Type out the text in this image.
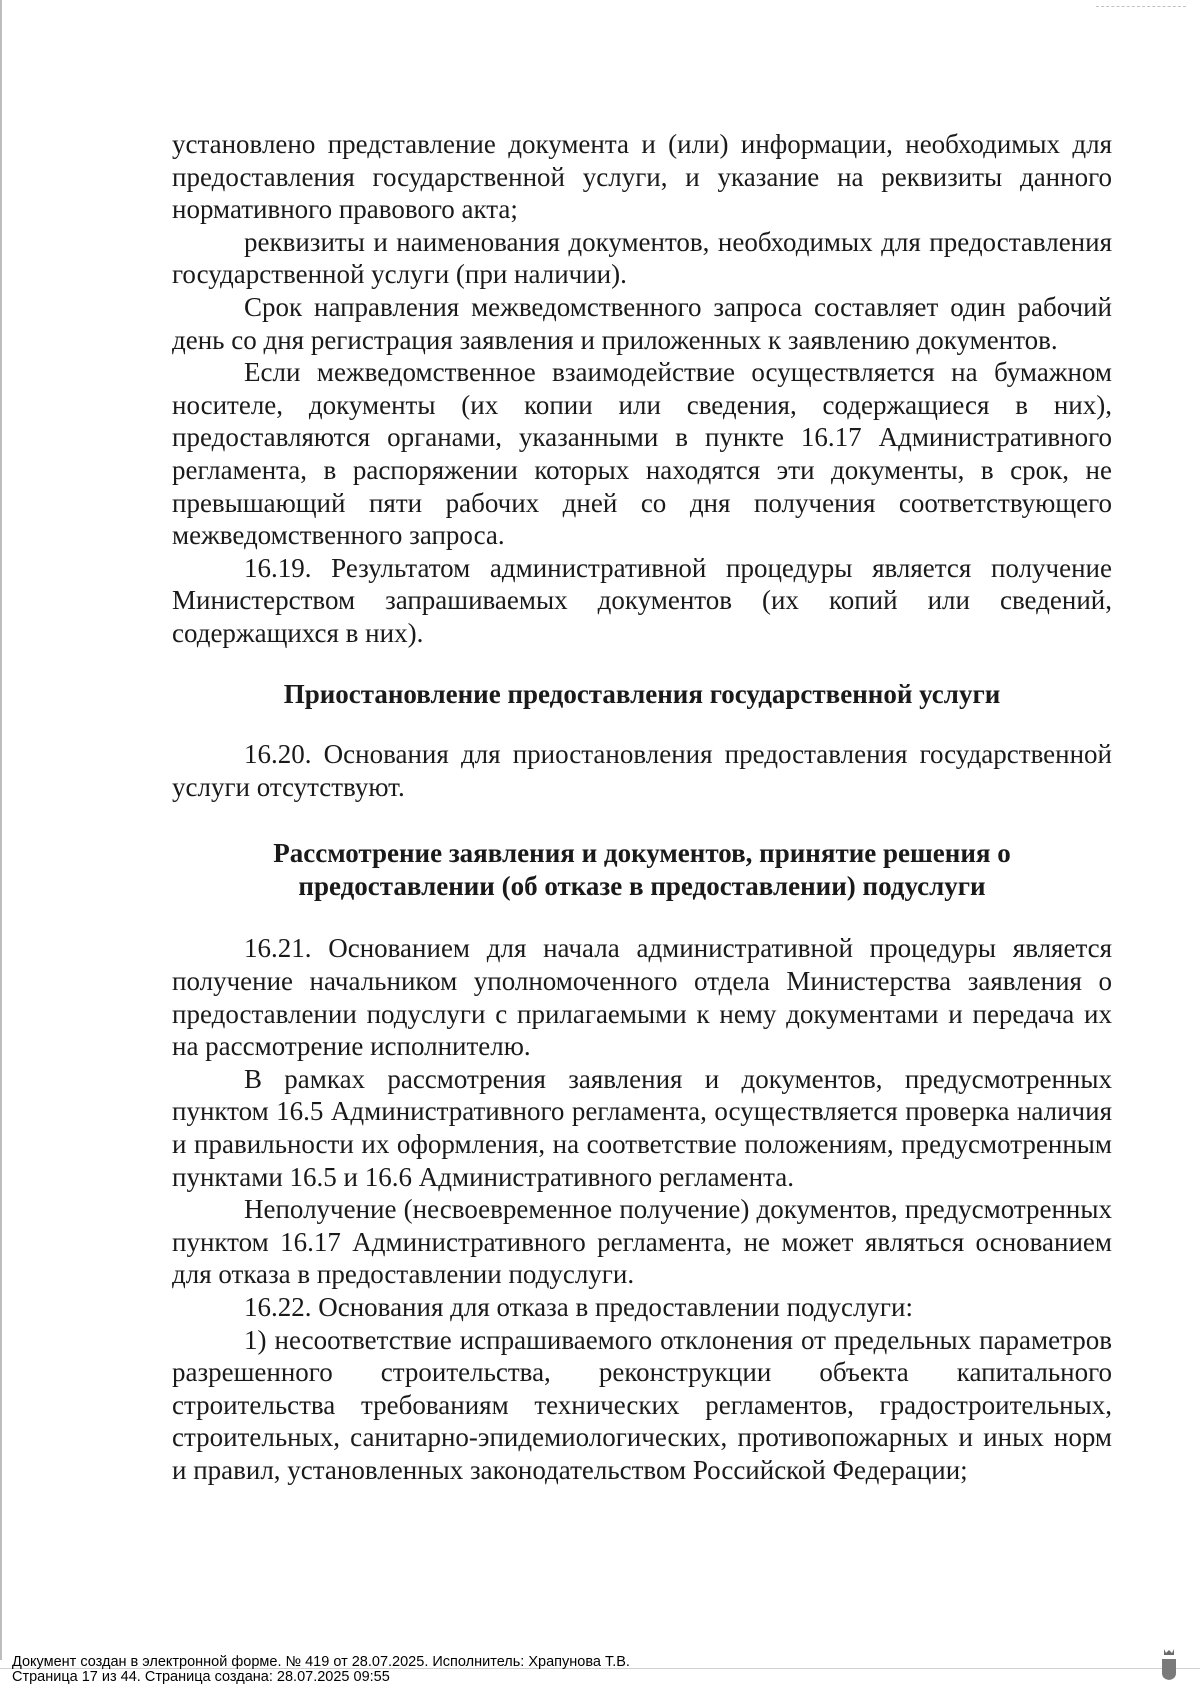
установлено представление документа и (или) информации, необходимых для предоставления государственной услуги, и указание на реквизиты данного нормативного правового акта;

реквизиты и наименования документов, необходимых для предоставления государственной услуги (при наличии).

Срок направления межведомственного запроса составляет один рабочий день со дня регистрация заявления и приложенных к заявлению документов.

Если межведомственное взаимодействие осуществляется на бумажном носителе, документы (их копии или сведения, содержащиеся в них), предоставляются органами, указанными в пункте 16.17 Административного регламента, в распоряжении которых находятся эти документы, в срок, не превышающий пяти рабочих дней со дня получения соответствующего межведомственного запроса.

16.19. Результатом административной процедуры является получение Министерством запрашиваемых документов (их копий или сведений, содержащихся в них).

Приостановление предоставления государственной услуги

16.20. Основания для приостановления предоставления государственной услуги отсутствуют.

Рассмотрение заявления и документов, принятие решения о

предоставлении (об отказе в предоставлении) подуслуги

16.21. Основанием для начала административной процедуры является получение начальником уполномоченного отдела Министерства заявления о предоставлении подуслуги с прилагаемыми к нему документами и передача их на рассмотрение исполнителю.

В рамках рассмотрения заявления и документов, предусмотренных пунктом 16.5 Административного регламента, осуществляется проверка наличия и правильности их оформления, на соответствие положениям, предусмотренным пунктами 16.5 и 16.6 Административного регламента.

Неполучение (несвоевременное получение) документов, предусмотренных пунктом 16.17 Административного регламента, не может являться основанием для отказа в предоставлении подуслуги.

16.22. Основания для отказа в предоставлении подуслуги:

1) несоответствие испрашиваемого отклонения от предельных параметров разрешенного строительства, реконструкции объекта капитального строительства требованиям технических регламентов, градостроительных, строительных, санитарно-эпидемиологических, противопожарных и иных норм и правил, установленных законодательством Российской Федерации;

Документ создан в электронной форме. № 419 от 28.07.2025. Исполнитель: Храпунова Т.В.
Страница 17 из 44. Страница создана: 28.07.2025 09:55
